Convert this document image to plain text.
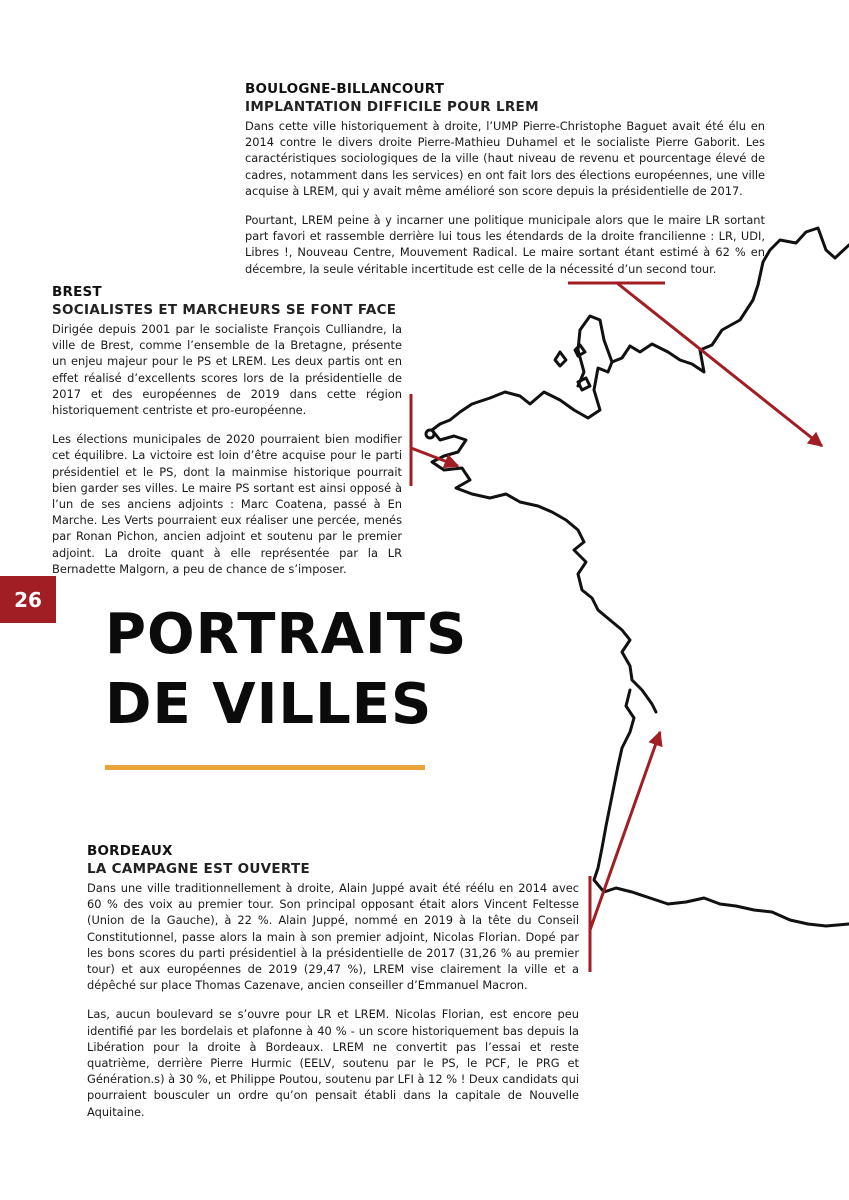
BOULOGNE-BILLANCOURT
IMPLANTATION DIFFICILE POUR LREM

Dans cette ville historiquement à droite, l’UMP Pierre-Christophe Baguet avait été élu en 2014 contre le divers droite Pierre-Mathieu Duhamel et le socialiste Pierre Gaborit. Les caractéristiques sociologiques de la ville (haut niveau de revenu et pourcentage élevé de cadres, notamment dans les services) en ont fait lors des élections européennes, une ville acquise à LREM, qui y avait même amélioré son score depuis la présidentielle de 2017.

Pourtant, LREM peine à y incarner une politique municipale alors que le maire LR sortant part favori et rassemble derrière lui tous les étendards de la droite francilienne : LR, UDI, Libres !, Nouveau Centre, Mouvement Radical. Le maire sortant étant estimé à 62 % en décembre, la seule véritable incertitude est celle de la nécessité d’un second tour.

BREST
SOCIALISTES ET MARCHEURS SE FONT FACE

Dirigée depuis 2001 par le socialiste François Culliandre, la ville de Brest, comme l’ensemble de la Bretagne, présente un enjeu majeur pour le PS et LREM. Les deux partis ont en effet réalisé d’excellents scores lors de la présidentielle de 2017 et des européennes de 2019 dans cette région historiquement centriste et pro-européenne.

Les élections municipales de 2020 pourraient bien modifier cet équilibre. La victoire est loin d’être acquise pour le parti présidentiel et le PS, dont la mainmise historique pourrait bien garder ses villes. Le maire PS sortant est ainsi opposé à l’un de ses anciens adjoints : Marc Coatena, passé à En Marche. Les Verts pourraient eux réaliser une percée, menés par Ronan Pichon, ancien adjoint et soutenu par le premier adjoint. La droite quant à elle représentée par la LR Bernadette Malgorn, a peu de chance de s’imposer.

26
PORTRAITS
DE VILLES
BORDEAUX
LA CAMPAGNE EST OUVERTE

Dans une ville traditionnellement à droite, Alain Juppé avait été réélu en 2014 avec 60 % des voix au premier tour. Son principal opposant était alors Vincent Feltesse (Union de la Gauche), à 22 %. Alain Juppé, nommé en 2019 à la tête du Conseil Constitutionnel, passe alors la main à son premier adjoint, Nicolas Florian. Dopé par les bons scores du parti présidentiel à la présidentielle de 2017 (31,26 % au premier tour) et aux européennes de 2019 (29,47 %), LREM vise clairement la ville et a dépêché sur place Thomas Cazenave, ancien conseiller d’Emmanuel Macron.

Las, aucun boulevard se s’ouvre pour LR et LREM. Nicolas Florian, est encore peu identifié par les bordelais et plafonne à 40 % - un score historiquement bas depuis la Libération pour la droite à Bordeaux. LREM ne convertit pas l’essai et reste quatrième, derrière Pierre Hurmic (EELV, soutenu par le PS, le PCF, le PRG et Génération.s) à 30 %, et Philippe Poutou, soutenu par LFI à 12 % ! Deux candidats qui pourraient bousculer un ordre qu’on pensait établi dans la capitale de Nouvelle Aquitaine.
